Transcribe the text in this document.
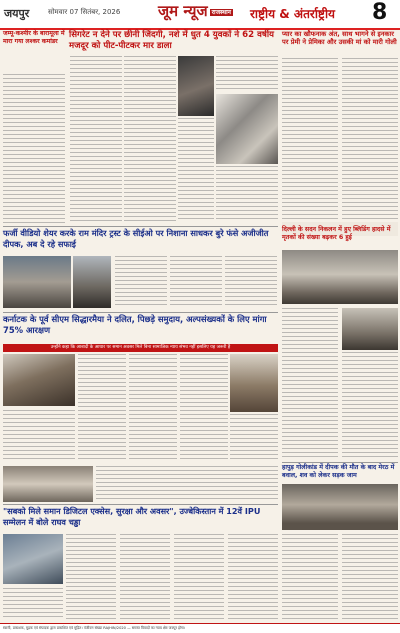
जयपुर	सोमवार 07 सितंबर, 2026	जूम न्यूज राजस्थान राष्ट्रीय & अंतर्राष्ट्रीय 8
जम्मू-कश्मीर के बारामूला में मारा गया लश्कर कमांडर
सिगरेट न देने पर छीनी जिंदगी, नशे में धुत 4 युवकों ने 62 वर्षीय मजदूर को पीट-पीटकर मार डाला
प्यार का खौफनाक अंत, साथ भागने से इनकार पर प्रेमी ने प्रेमिका और उसकी मां को मारी गोली
फर्जी वीडियो शेयर करके राम मंदिर ट्रस्ट के सीईओ पर निशाना साधकर बुरे फंसे अजीजीत दीपक, अब दे रहे सफाई
दिल्ली के सदन निकलन में हुए ब्लिडिंग हादसे में मृतकों की संख्या बढ़कर 6 हुई
कर्नाटक के पूर्व सीएम सिद्धारमैया ने दलित, पिछड़े समुदाय, अल्पसंख्यकों के लिए मांगा 75% आरक्षण
उन्होंने कहा कि आबादी के आधार पर समान अवसर मिले बिना सामाजिक न्याय संभव नहीं इसलिए यह जरूरी है
हापुड़ गोलीकांड में दीपक की मौत के बाद मेरठ में बवाल, शव को लेकर सड़क जाम
"सबको मिले समान डिजिटल एक्सेस, सुरक्षा और अवसर", उज्बेकिस्तान में 12वें IPU सम्मेलन में बोले राघव चड्ढा
स्वामी, प्रकाशक, मुद्रक एवं संपादक द्वारा प्रकाशित एवं मुद्रित। पंजीयन संख्या RAJHIN/2020 — समस्त विवादों का न्याय क्षेत्र जयपुर होगा।
